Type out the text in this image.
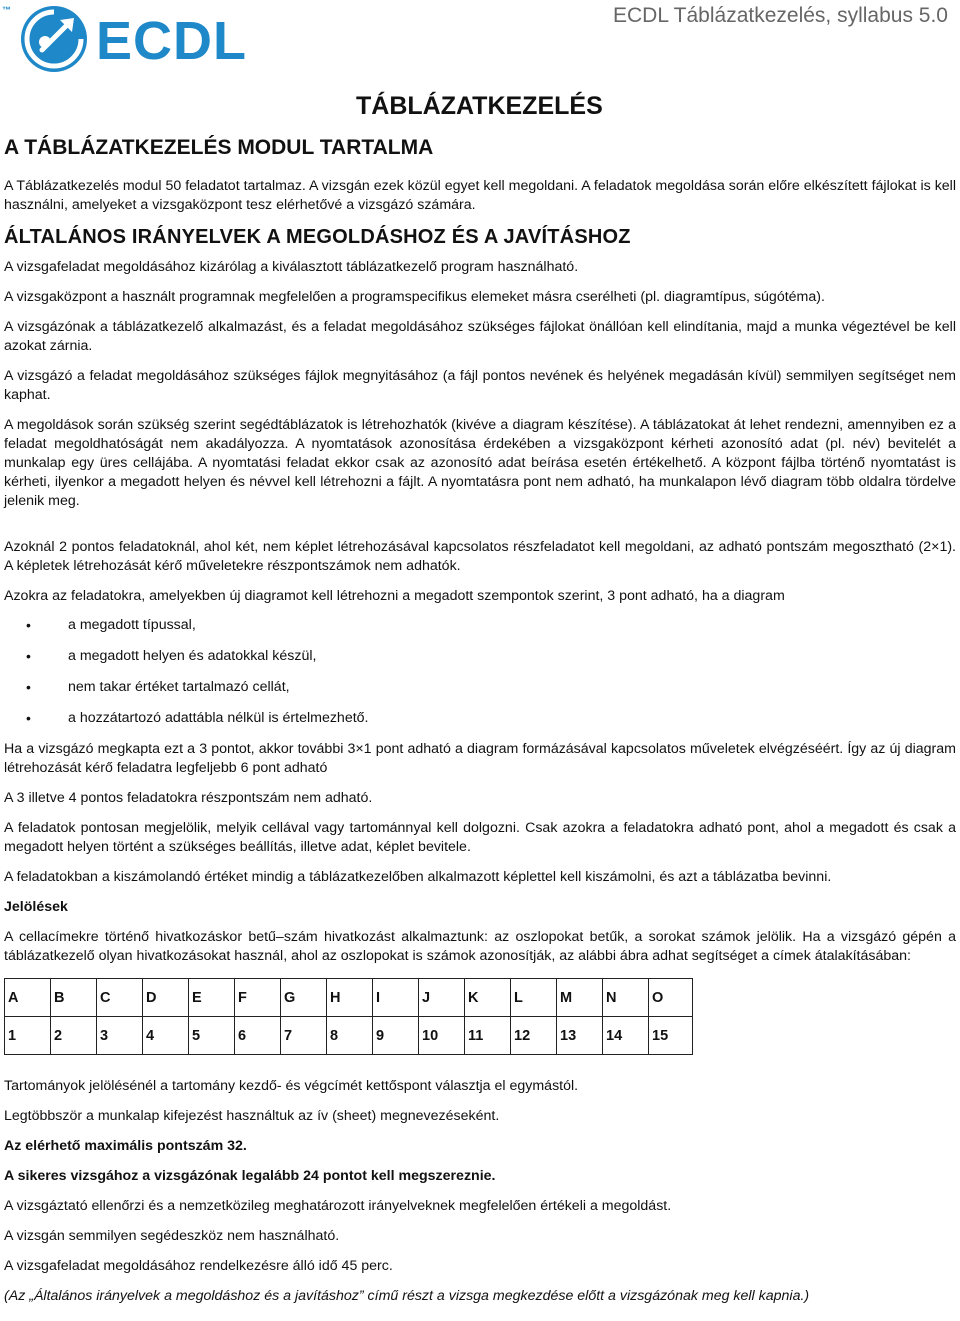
™
ECDL	ECDL Táblázatkezelés, syllabus 5.0
TÁBLÁZATKEZELÉS
A TÁBLÁZATKEZELÉS MODUL TARTALMA

A Táblázatkezelés modul 50 feladatot tartalmaz. A vizsgán ezek közül egyet kell megoldani. A feladatok megoldása során előre elkészített fájlokat is kell használni, amelyeket a vizsgaközpont tesz elérhetővé a vizsgázó számára.

ÁLTALÁNOS IRÁNYELVEK A MEGOLDÁSHOZ ÉS A JAVÍTÁSHOZ

A vizsgafeladat megoldásához kizárólag a kiválasztott táblázatkezelő program használható.

A vizsgaközpont a használt programnak megfelelően a programspecifikus elemeket másra cserélheti (pl. diagramtípus, súgótéma).

A vizsgázónak a táblázatkezelő alkalmazást, és a feladat megoldásához szükséges fájlokat önállóan kell elindítania, majd a munka végeztével be kell azokat zárnia.

A vizsgázó a feladat megoldásához szükséges fájlok megnyitásához (a fájl pontos nevének és helyének megadásán kívül) semmilyen segítséget nem kaphat.

A megoldások során szükség szerint segédtáblázatok is létrehozhatók (kivéve a diagram készítése). A táblázatokat át lehet rendezni, amennyiben ez a feladat megoldhatóságát nem akadályozza. A nyomtatások azonosítása érdekében a vizsgaközpont kérheti azonosító adat (pl. név) bevitelét a munkalap egy üres cellájába. A nyomtatási feladat ekkor csak az azonosító adat beírása esetén értékelhető. A központ fájlba történő nyomtatást is kérheti, ilyenkor a megadott helyen és névvel kell létrehozni a fájlt. A nyomtatásra pont nem adható, ha munkalapon lévő diagram több oldalra tördelve jelenik meg.

Azoknál 2 pontos feladatoknál, ahol két, nem képlet létrehozásával kapcsolatos részfeladatot kell megoldani, az adható pontszám megosztható (2×1). A képletek létrehozását kérő műveletekre részpontszámok nem adhatók.

Azokra az feladatokra, amelyekben új diagramot kell létrehozni a megadott szempontok szerint, 3 pont adható, ha a diagram

• a megadott típussal,
• a megadott helyen és adatokkal készül,
• nem takar értéket tartalmazó cellát,
• a hozzátartozó adattábla nélkül is értelmezhető.

Ha a vizsgázó megkapta ezt a 3 pontot, akkor további 3×1 pont adható a diagram formázásával kapcsolatos műveletek elvégzéséért. Így az új diagram létrehozását kérő feladatra legfeljebb 6 pont adható

A 3 illetve 4 pontos feladatokra részpontszám nem adható.

A feladatok pontosan megjelölik, melyik cellával vagy tartománnyal kell dolgozni. Csak azokra a feladatokra adható pont, ahol a megadott és csak a megadott helyen történt a szükséges beállítás, illetve adat, képlet bevitele.

A feladatokban a kiszámolandó értéket mindig a táblázatkezelőben alkalmazott képlettel kell kiszámolni, és azt a táblázatba bevinni.

Jelölések

A cellacímekre történő hivatkozáskor betű–szám hivatkozást alkalmaztunk: az oszlopokat betűk, a sorokat számok jelölik. Ha a vizsgázó gépén a táblázatkezelő olyan hivatkozásokat használ, ahol az oszlopokat is számok azonosítják, az alábbi ábra adhat segítséget a címek átalakításában:

A	B	C	D	E	F	G	H	I	J	K	L	M	N	O
1	2	3	4	5	6	7	8	9	10	11	12	13	14	15

Tartományok jelölésénél a tartomány kezdő- és végcímét kettőspont választja el egymástól.

Legtöbbször a munkalap kifejezést használtuk az ív (sheet) megnevezéseként.

Az elérhető maximális pontszám 32.

A sikeres vizsgához a vizsgázónak legalább 24 pontot kell megszereznie.

A vizsgáztató ellenőrzi és a nemzetközileg meghatározott irányelveknek megfelelően értékeli a megoldást.

A vizsgán semmilyen segédeszköz nem használható.

A vizsgafeladat megoldásához rendelkezésre álló idő 45 perc.

(Az „Általános irányelvek a megoldáshoz és a javításhoz” című részt a vizsga megkezdése előtt a vizsgázónak meg kell kapnia.)
